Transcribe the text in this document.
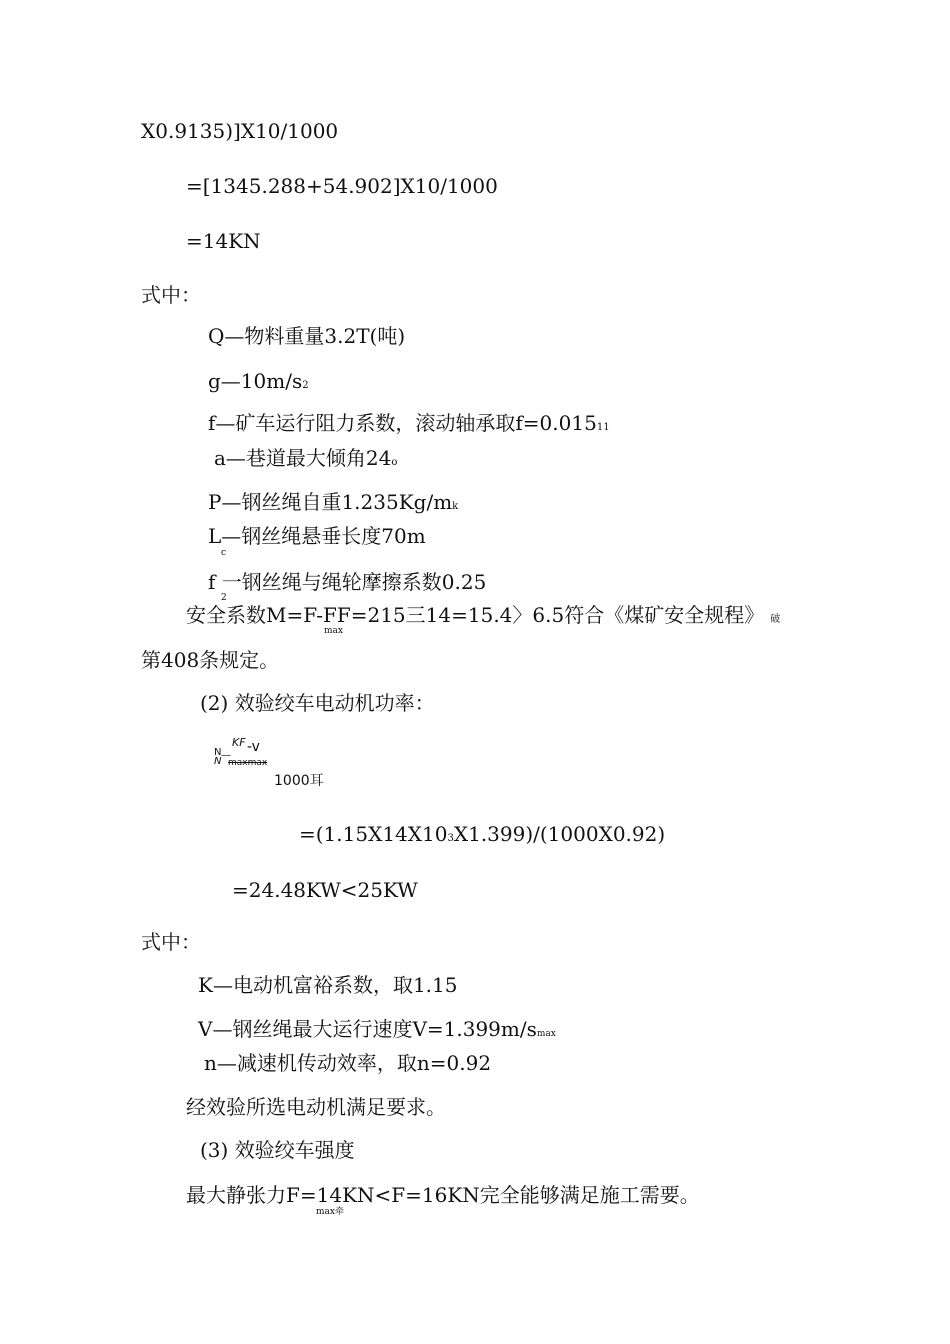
X0.9135)]X10/1000
=[1345.288+54.902]X10/1000
=14KN
式中：
Q—物料重量3.2T(吨)
g—10m/s2
f—矿车运行阻力系数，滚动轴承取f=0.01511
a—巷道最大倾角24o
P—钢丝绳自重1.235Kg/mk
L—钢丝绳悬垂长度70m
c
f 一钢丝绳与绳轮摩擦系数0.25
2
安全系数M=F-FF=215三14=15.4〉6.5符合《煤矿安全规程》 破
max
第408条规定。
(2) 效验绞车电动机功率：
KF -v
N
N
—
maxmax
1000耳
=(1.15X14X103X1.399)/(1000X0.92)
=24.48KW<25KW
式中：
K—电动机富裕系数，取1.15
V—钢丝绳最大运行速度V=1.399m/smax
n—减速机传动效率，取n=0.92
经效验所选电动机满足要求。
(3) 效验绞车强度
最大静张力F=14KN<F=16KN完全能够满足施工需要。
max牵
